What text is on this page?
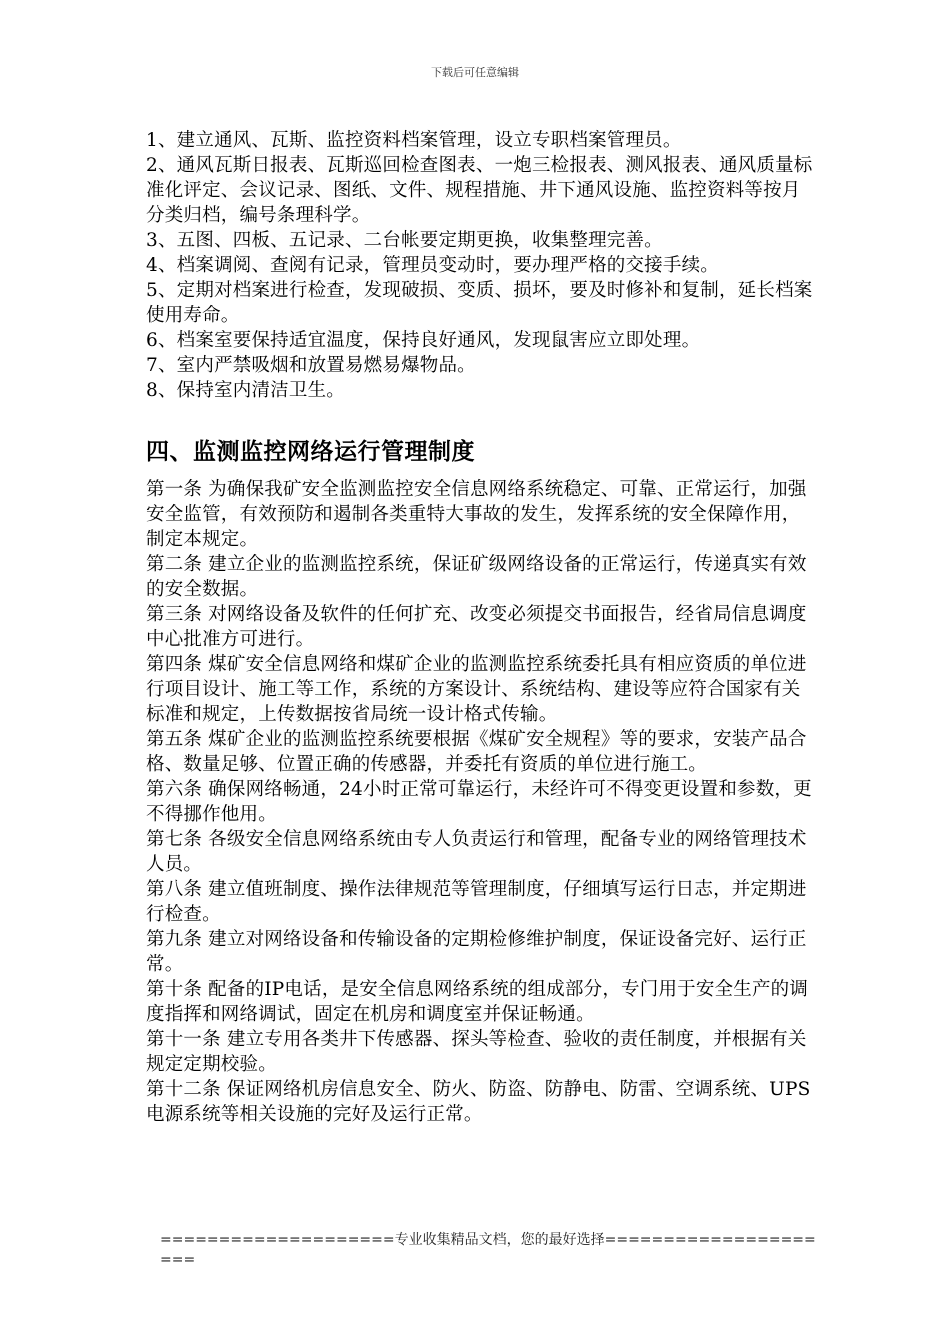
下载后可任意编辑

1、建立通风、瓦斯、监控资料档案管理，设立专职档案管理员。

2、通风瓦斯日报表、瓦斯巡回检查图表、一炮三检报表、测风报表、通风质量标准化评定、会议记录、图纸、文件、规程措施、井下通风设施、监控资料等按月分类归档，编号条理科学。

3、五图、四板、五记录、二台帐要定期更换，收集整理完善。

4、档案调阅、查阅有记录，管理员变动时，要办理严格的交接手续。

5、定期对档案进行检查，发现破损、变质、损坏，要及时修补和复制，延长档案使用寿命。

6、档案室要保持适宜温度，保持良好通风，发现鼠害应立即处理。

7、室内严禁吸烟和放置易燃易爆物品。

8、保持室内清洁卫生。

四、监测监控网络运行管理制度

第一条 为确保我矿安全监测监控安全信息网络系统稳定、可靠、正常运行，加强安全监管，有效预防和遏制各类重特大事故的发生，发挥系统的安全保障作用，制定本规定。

第二条 建立企业的监测监控系统，保证矿级网络设备的正常运行，传递真实有效的安全数据。

第三条 对网络设备及软件的任何扩充、改变必须提交书面报告，经省局信息调度中心批准方可进行。

第四条 煤矿安全信息网络和煤矿企业的监测监控系统委托具有相应资质的单位进行项目设计、施工等工作，系统的方案设计、系统结构、建设等应符合国家有关标准和规定，上传数据按省局统一设计格式传输。

第五条 煤矿企业的监测监控系统要根据《煤矿安全规程》等的要求，安装产品合格、数量足够、位置正确的传感器，并委托有资质的单位进行施工。

第六条 确保网络畅通，24小时正常可靠运行，未经许可不得变更设置和参数，更不得挪作他用。

第七条 各级安全信息网络系统由专人负责运行和管理，配备专业的网络管理技术人员。

第八条 建立值班制度、操作法律规范等管理制度，仔细填写运行日志，并定期进行检查。

第九条 建立对网络设备和传输设备的定期检修维护制度，保证设备完好、运行正常。

第十条 配备的IP电话，是安全信息网络系统的组成部分，专门用于安全生产的调度指挥和网络调试，固定在机房和调度室并保证畅通。

第十一条 建立专用各类井下传感器、探头等检查、验收的责任制度，并根据有关规定定期校验。

第十二条 保证网络机房信息安全、防火、防盗、防静电、防雷、空调系统、UPS电源系统等相关设施的完好及运行正常。

====================专业收集精品文档，您的最好选择=====================
